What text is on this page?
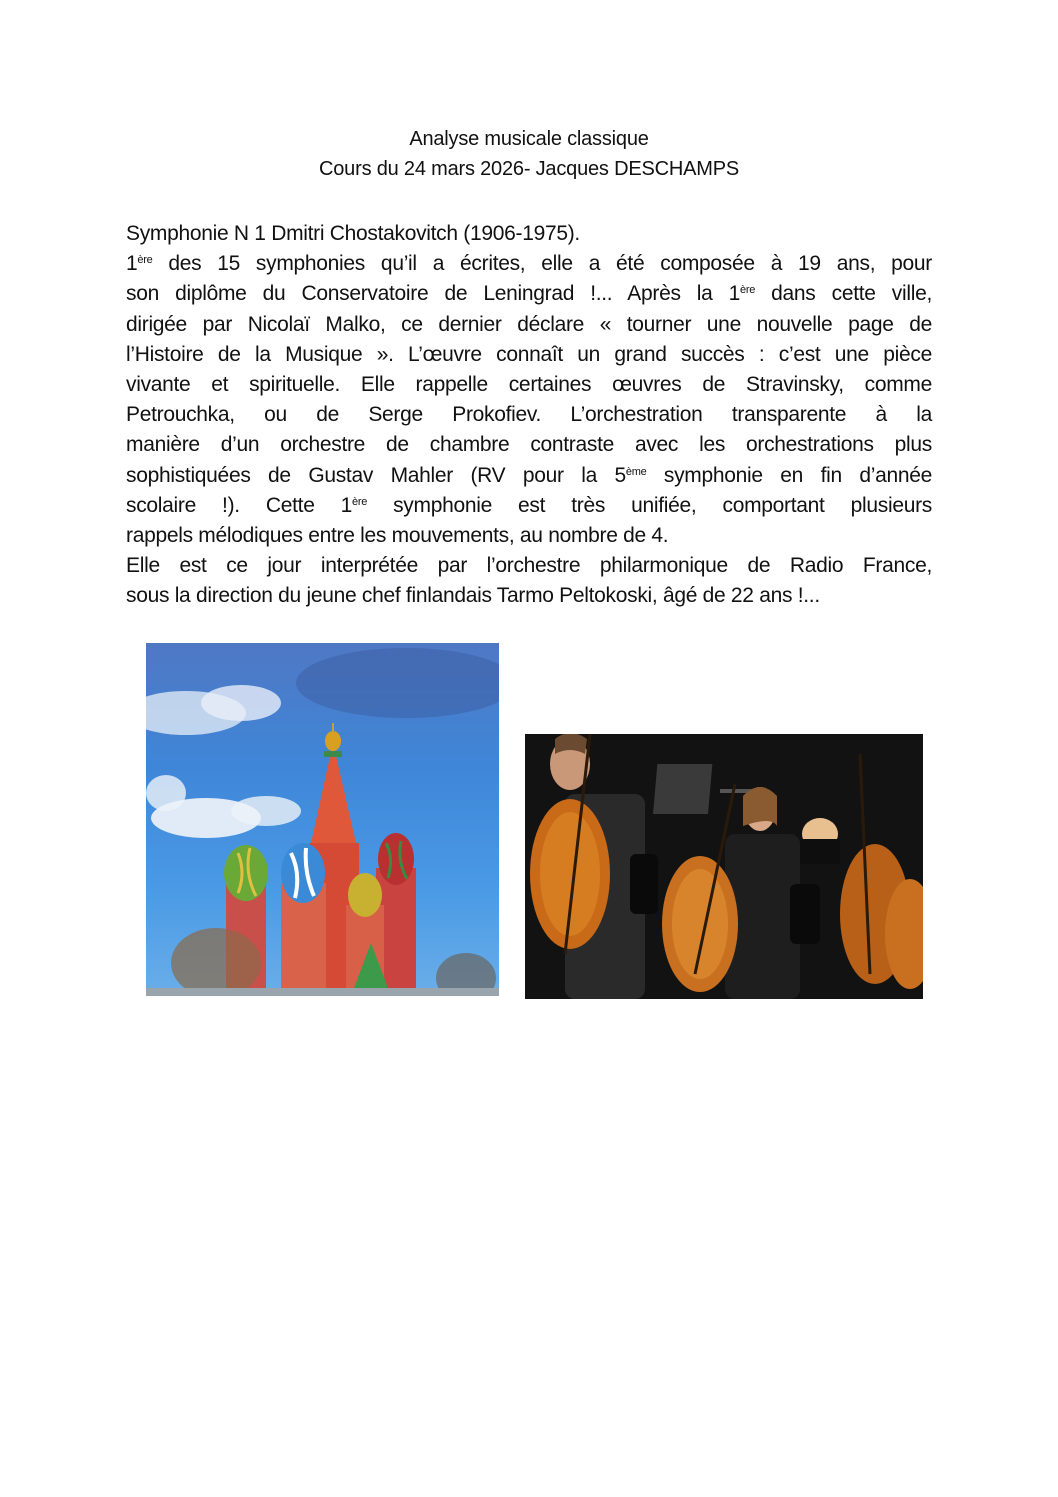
Analyse musicale classique
Cours du 24 mars 2026- Jacques DESCHAMPS
Symphonie N 1 Dmitri Chostakovitch (1906-1975).
1ère des 15 symphonies qu’il a écrites, elle a été composée à 19 ans, pour
son diplôme du Conservatoire de Leningrad !... Après la 1ère dans cette ville,
dirigée par Nicolaï Malko, ce dernier déclare « tourner une nouvelle page de
l’Histoire de la Musique ». L’œuvre connaît un grand succès : c’est une pièce
vivante et spirituelle. Elle rappelle certaines œuvres de Stravinsky, comme
Petrouchka, ou de Serge Prokofiev. L’orchestration transparente à la
manière d’un orchestre de chambre contraste avec les orchestrations plus
sophistiquées de Gustav Mahler (RV pour la 5ème symphonie en fin d’année
scolaire !). Cette 1ère symphonie est très unifiée, comportant plusieurs
rappels mélodiques entre les mouvements, au nombre de 4.
Elle est ce jour interprétée par l’orchestre philarmonique de Radio France,
sous la direction du jeune chef finlandais Tarmo Peltokoski, âgé de 22 ans !...
